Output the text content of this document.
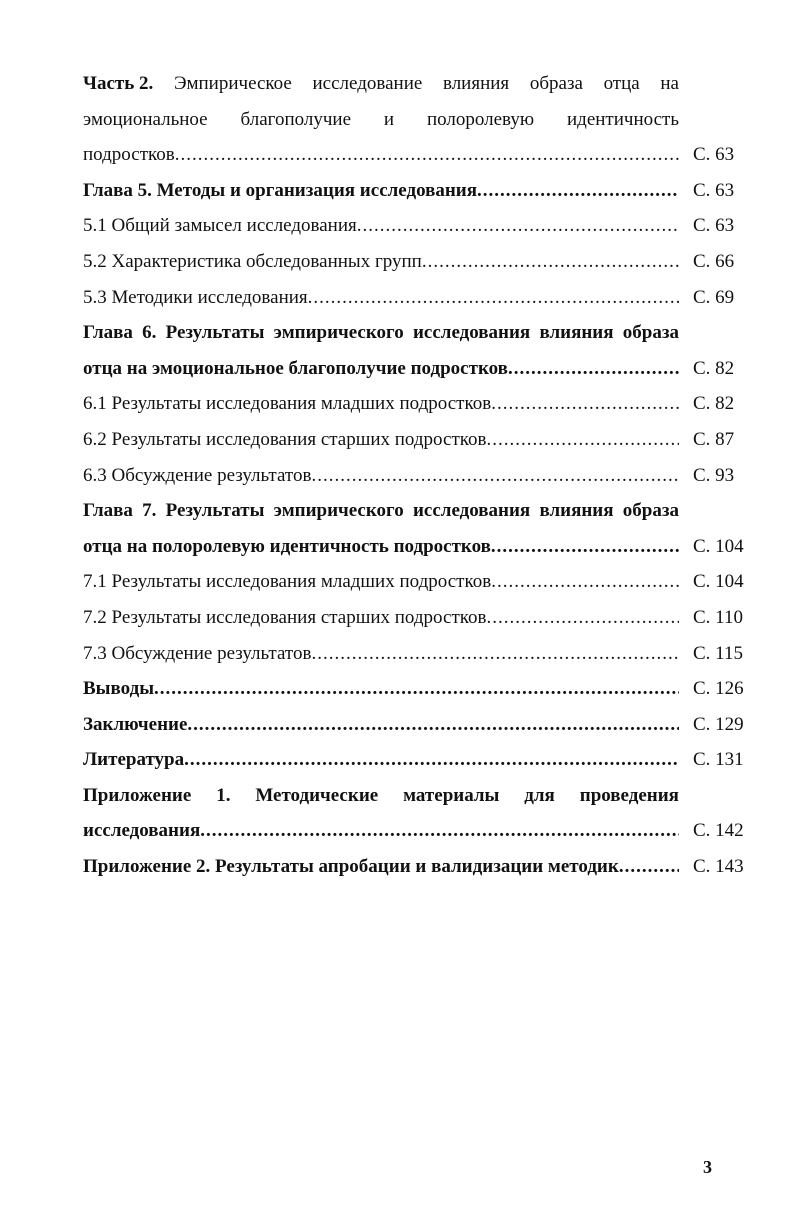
Часть 2. Эмпирическое исследование влияния образа отца на
эмоциональное благополучие и полоролевую идентичность
подростков .....	С. 63
Глава 5. Методы и организация исследования .....	С. 63
5.1 Общий замысел исследования .....	С. 63
5.2 Характеристика обследованных групп .....	С. 66
5.3 Методики исследования .....	С. 69
Глава 6. Результаты эмпирического исследования влияния образа
отца на эмоциональное благополучие подростков .....	С. 82
6.1 Результаты исследования младших подростков .....	С. 82
6.2 Результаты исследования старших подростков .....	С. 87
6.3 Обсуждение результатов .....	С. 93
Глава 7. Результаты эмпирического исследования влияния образа
отца на полоролевую идентичность подростков .....	С. 104
7.1 Результаты исследования младших подростков .....	С. 104
7.2 Результаты исследования старших подростков .....	С. 110
7.3 Обсуждение результатов .....	С. 115
Выводы .....	С. 126
Заключение .....	С. 129
Литература .....	С. 131
Приложение 1. Методические материалы для проведения
исследования .....	С. 142
Приложение 2. Результаты апробации и валидизации методик .....	С. 143
3
